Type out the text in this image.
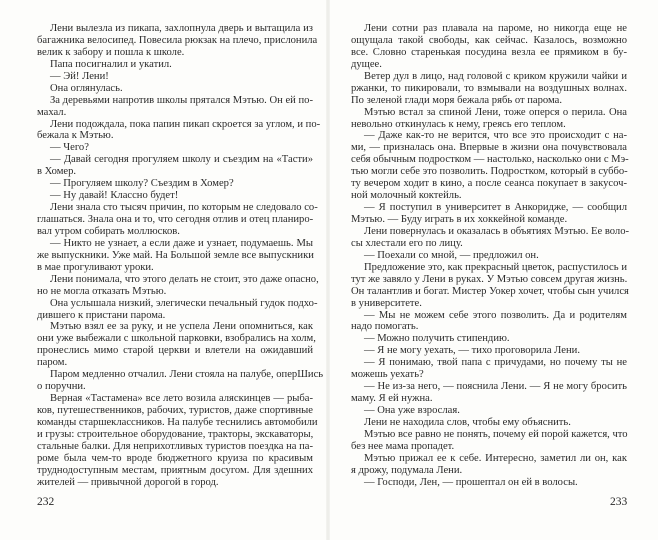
Лени вылезла из пикапа, захлопнула дверь и вытащила из
багажника велосипед. Повесила рюкзак на плечо, прислонила
велик к забору и пошла к школе.
Папа посигналил и укатил.
— Эй! Лени!
Она оглянулась.
За деревьями напротив школы прятался Мэтью. Он ей по-
махал.
Лени подождала, пока папин пикап скроется за углом, и по-
бежала к Мэтью.
— Чего?
— Давай сегодня прогуляем школу и съездим на «Тасти»
в Хомер.
— Прогуляем школу? Съездим в Хомер?
— Ну давай! Классно будет!
Лени знала сто тысяч причин, по которым не следовало со-
глашаться. Знала она и то, что сегодня отлив и отец планиро-
вал утром собирать моллюсков.
— Никто не узнает, а если даже и узнает, подумаешь. Мы
же выпускники. Уже май. На Большой земле все выпускники
в мае прогуливают уроки.
Лени понимала, что этого делать не стоит, это даже опасно,
но не могла отказать Мэтью.
Она услышала низкий, элегически печальный гудок подхо-
дившего к пристани парома.
Мэтью взял ее за руку, и не успела Лени опомниться, как
они уже выбежали с школьной парковки, взобрались на холм,
пронеслись мимо старой церкви и влетели на ожидавший
паром.
Паром медленно отчалил. Лени стояла на палубе, оперШись
о поручни.
Верная «Тастамена» все лето возила аляскинцев — рыба-
ков, путешественников, рабочих, туристов, даже спортивные
команды старшеклассников. На палубе теснились автомобили
и грузы: строительное оборудование, тракторы, экскаваторы,
стальные балки. Для неприхотливых туристов поездка на па-
роме была чем-то вроде бюджетного круиза по красивым
труднодоступным местам, приятным досугом. Для здешних
жителей — привычной дорогой в город.
232
Лени сотни раз плавала на пароме, но никогда еще не
ощущала такой свободы, как сейчас. Казалось, возможно
все. Словно старенькая посудина везла ее прямиком в бу-
дущее.
Ветер дул в лицо, над головой с криком кружили чайки и
ржанки, то пикировали, то взмывали на воздушных волнах.
По зеленой глади моря бежала рябь от парома.
Мэтью встал за спиной Лени, тоже оперся о перила. Она
невольно откинулась к нему, греясь его теплом.
— Даже как-то не верится, что все это происходит с на-
ми, — призналась она. Впервые в жизни она почувствовала
себя обычным подростком — настолько, насколько они с Мэ-
тью могли себе это позволить. Подростком, который в суббо-
ту вечером ходит в кино, а после сеанса покупает в закусоч-
ной молочный коктейль.
— Я поступил в университет в Анкоридже, — сообщил
Мэтью. — Буду играть в их хоккейной команде.
Лени повернулась и оказалась в объятиях Мэтью. Ее воло-
сы хлестали его по лицу.
— Поехали со мной, — предложил он.
Предложение это, как прекрасный цветок, распустилось и
тут же завяло у Лени в руках. У Мэтью совсем другая жизнь.
Он талантлив и богат. Мистер Уокер хочет, чтобы сын учился
в университете.
— Мы не можем себе этого позволить. Да и родителям
надо помогать.
— Можно получить стипендию.
— Я не могу уехать, — тихо проговорила Лени.
— Я понимаю, твой папа с причудами, но почему ты не
можешь уехать?
— Не из-за него, — пояснила Лени. — Я не могу бросить
маму. Я ей нужна.
— Она уже взрослая.
Лени не находила слов, чтобы ему объяснить.
Мэтью все равно не понять, почему ей порой кажется, что
без нее мама пропадет.
Мэтью прижал ее к себе. Интересно, заметил ли он, как
я дрожу, подумала Лени.
— Господи, Лен, — прошептал он ей в волосы.
233
